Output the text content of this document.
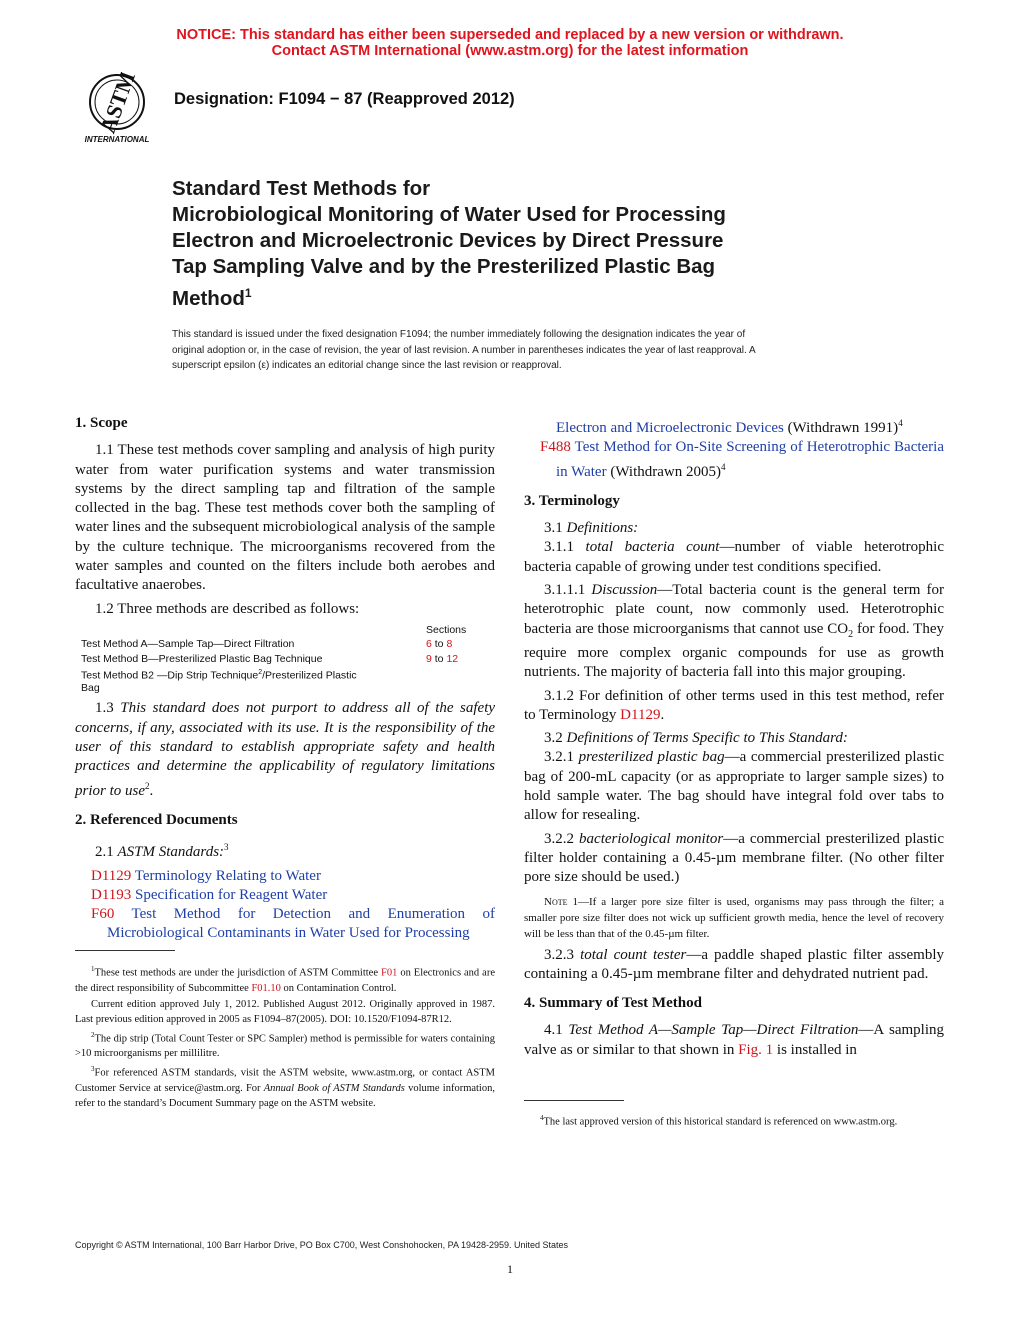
NOTICE: This standard has either been superseded and replaced by a new version or withdrawn.
Contact ASTM International (www.astm.org) for the latest information
ASTM
INTERNATIONAL
Designation: F1094 − 87 (Reapproved 2012)
Standard Test Methods for
Microbiological Monitoring of Water Used for Processing
Electron and Microelectronic Devices by Direct Pressure
Tap Sampling Valve and by the Presterilized Plastic Bag
Method$^1$
This standard is issued under the fixed designation F1094; the number immediately following the designation indicates the year of
original adoption or, in the case of revision, the year of last revision. A number in parentheses indicates the year of last reapproval. A
superscript epsilon (ε) indicates an editorial change since the last revision or reapproval.
1. Scope

1.1 These test methods cover sampling and analysis of high purity water from water purification systems and water transmission systems by the direct sampling tap and filtration of the sample collected in the bag. These test methods cover both the sampling of water lines and the subsequent microbiological analysis of the sample by the culture technique. The microorganisms recovered from the water samples and counted on the filters include both aerobes and facultative anaerobes.

1.2 Three methods are described as follows:

Sections
Test Method A—Sample Tap—Direct Filtration	6 to 8
Test Method B—Presterilized Plastic Bag Technique	9 to 12
Test Method B2 —Dip Strip Technique$^2$/Presterilized Plastic
Bag

1.3 This standard does not purport to address all of the safety concerns, if any, associated with its use. It is the responsibility of the user of this standard to establish appropriate safety and health practices and determine the applicability of regulatory limitations prior to use$^2$.

2. Referenced Documents

2.1 ASTM Standards:$^3$

D1129 Terminology Relating to Water

D1193 Specification for Reagent Water

F60 Test Method for Detection and Enumeration of Microbiological Contaminants in Water Used for Processing

$^1$These test methods are under the jurisdiction of ASTM Committee F01 on Electronics and are the direct responsibility of Subcommittee F01.10 on Contamination Control.

Current edition approved July 1, 2012. Published August 2012. Originally approved in 1987. Last previous edition approved in 2005 as F1094–87(2005). DOI: 10.1520/F1094-87R12.

$^2$The dip strip (Total Count Tester or SPC Sampler) method is permissible for waters containing >10 microorganisms per millilitre.

$^3$For referenced ASTM standards, visit the ASTM website, www.astm.org, or contact ASTM Customer Service at service@astm.org. For Annual Book of ASTM Standards volume information, refer to the standard’s Document Summary page on the ASTM website.

Electron and Microelectronic Devices (Withdrawn 1991)$^4$

F488 Test Method for On-Site Screening of Heterotrophic Bacteria in Water (Withdrawn 2005)$^4$

3. Terminology

3.1 Definitions:

3.1.1 total bacteria count—number of viable heterotrophic bacteria capable of growing under test conditions specified.

3.1.1.1 Discussion—Total bacteria count is the general term for heterotrophic plate count, now commonly used. Heterotrophic bacteria are those microorganisms that cannot use $CO_2$ for food. They require more complex organic compounds for use as growth nutrients. The majority of bacteria fall into this major grouping.

3.1.2 For definition of other terms used in this test method, refer to Terminology D1129.

3.2 Definitions of Terms Specific to This Standard:

3.2.1 presterilized plastic bag—a commercial presterilized plastic bag of 200-mL capacity (or as appropriate to larger sample sizes) to hold sample water. The bag should have integral fold over tabs to allow for resealing.

3.2.2 bacteriological monitor—a commercial presterilized plastic filter holder containing a 0.45-µm membrane filter. (No other filter pore size should be used.)

Note 1—If a larger pore size filter is used, organisms may pass through the filter; a smaller pore size filter does not wick up sufficient growth media, hence the level of recovery will be less than that of the 0.45-µm filter.

3.2.3 total count tester—a paddle shaped plastic filter assembly containing a 0.45-µm membrane filter and dehydrated nutrient pad.

4. Summary of Test Method

4.1 Test Method A—Sample Tap—Direct Filtration—A sampling valve as or similar to that shown in Fig. 1 is installed in

$^4$The last approved version of this historical standard is referenced on www.astm.org.

Copyright © ASTM International, 100 Barr Harbor Drive, PO Box C700, West Conshohocken, PA 19428-2959. United States
1
